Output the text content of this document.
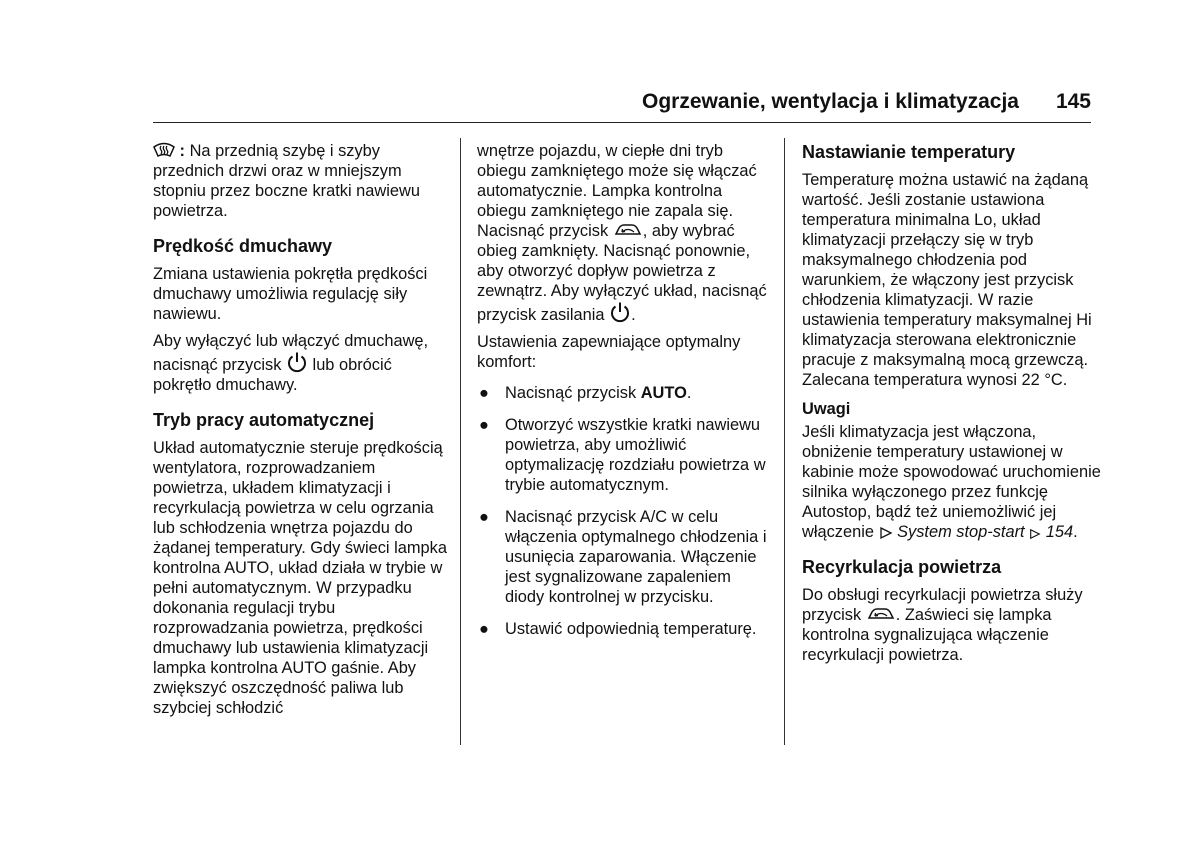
Ogrzewanie, wentylacja i klimatyzacja 145

: Na przednią szybę i szyby przednich drzwi oraz w mniejszym stopniu przez boczne kratki nawiewu powietrza.

Prędkość dmuchawy

Zmiana ustawienia pokrętła prędkości dmuchawy umożliwia regulację siły nawiewu.

Aby wyłączyć lub włączyć dmuchawę, nacisnąć przycisk
lub obrócić pokrętło dmuchawy.

Tryb pracy automatycznej

Układ automatycznie steruje prędkością wentylatora, rozprowadzaniem powietrza, układem klimatyzacji i recyrkulacją powietrza w celu ogrzania lub schłodzenia wnętrza pojazdu do żądanej temperatury. Gdy świeci lampka kontrolna AUTO, układ działa w trybie w pełni automatycznym. W przypadku dokonania regulacji trybu rozprowadzania powietrza, prędkości dmuchawy lub ustawienia klimatyzacji lampka kontrolna AUTO gaśnie. Aby zwiększyć oszczędność paliwa lub szybciej schłodzić

wnętrze pojazdu, w ciepłe dni tryb obiegu zamkniętego może się włączać automatycznie. Lampka kontrolna obiegu zamkniętego nie zapala się. Nacisnąć przycisk
, aby wybrać obieg zamknięty. Nacisnąć ponownie, aby otworzyć dopływ powietrza z zewnątrz. Aby wyłączyć układ, nacisnąć przycisk zasilania
.

Ustawienia zapewniające optymalny komfort:

● Nacisnąć przycisk AUTO.
● Otworzyć wszystkie kratki nawiewu powietrza, aby umożliwić optymalizację rozdziału powietrza w trybie automatycznym.
● Nacisnąć przycisk A/C w celu włączenia optymalnego chłodzenia i usunięcia zaparowania. Włączenie jest sygnalizowane zapaleniem diody kontrolnej w przycisku.
● Ustawić odpowiednią temperaturę.
Nastawianie temperatury

Temperaturę można ustawić na żądaną wartość. Jeśli zostanie ustawiona temperatura minimalna Lo, układ klimatyzacji przełączy się w tryb maksymalnego chłodzenia pod warunkiem, że włączony jest przycisk chłodzenia klimatyzacji. W razie ustawienia temperatury maksymalnej Hi klimatyzacja sterowana elektronicznie pracuje z maksymalną mocą grzewczą. Zalecana temperatura wynosi 22 °C.

Uwagi

Jeśli klimatyzacja jest włączona, obniżenie temperatury ustawionej w kabinie może spowodować uruchomienie silnika wyłączonego przez funkcję Autostop, bądź też uniemożliwić jej włączenie
System stop-start 154.

Recyrkulacja powietrza

Do obsługi recyrkulacji powietrza służy przycisk
. Zaświeci się lampka kontrolna sygnalizująca włączenie recyrkulacji powietrza.
